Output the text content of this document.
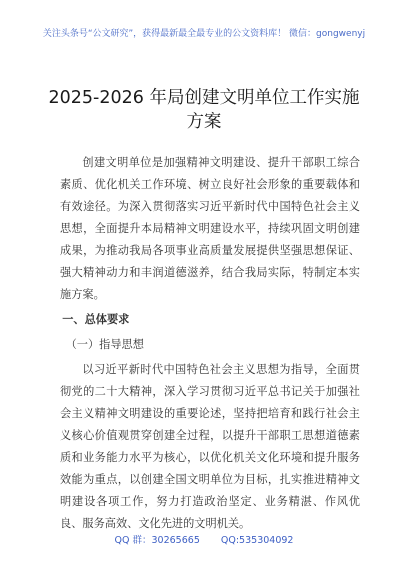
关注头条号“公文研究”，获得最新最全最专业的公文资料库！ 微信：gongwenyj
2025-2026 年局创建文明单位工作实施
方案

创建文明单位是加强精神文明建设、提升干部职工综合素质、优化机关工作环境、树立良好社会形象的重要载体和有效途径。为深入贯彻落实习近平新时代中国特色社会主义思想，全面提升本局精神文明建设水平，持续巩固文明创建成果，为推动我局各项事业高质量发展提供坚强思想保证、强大精神动力和丰润道德滋养，结合我局实际，特制定本实施方案。

一、总体要求

（一）指导思想

以习近平新时代中国特色社会主义思想为指导，全面贯彻党的二十大精神，深入学习贯彻习近平总书记关于加强社会主义精神文明建设的重要论述，坚持把培育和践行社会主义核心价值观贯穿创建全过程，以提升干部职工思想道德素质和业务能力水平为核心，以优化机关文化环境和提升服务效能为重点，以创建全国文明单位为目标，扎实推进精神文明建设各项工作，努力打造政治坚定、业务精湛、作风优良、服务高效、文化先进的文明机关。

QQ 群：30265665 QQ:535304092
